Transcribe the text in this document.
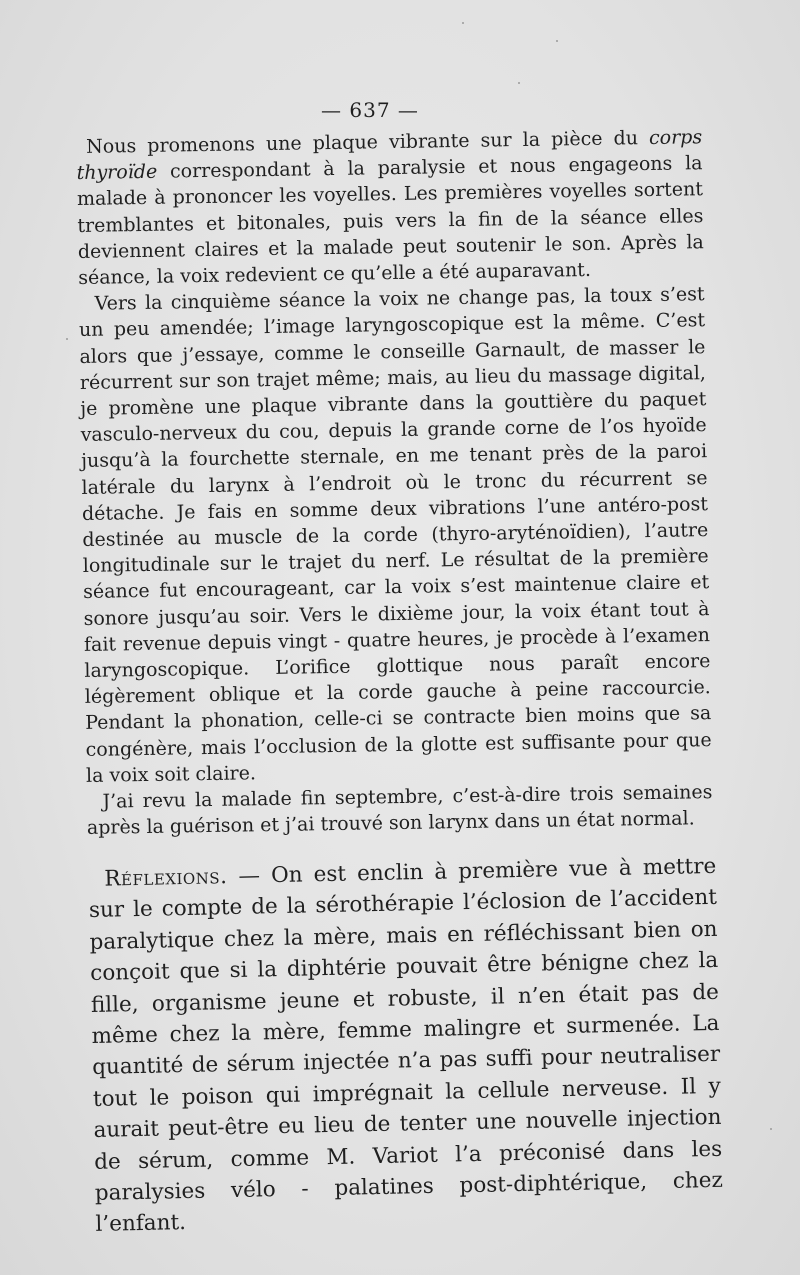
— 637 —

Nous promenons une plaque vibrante sur la pièce du corps thyroïde correspondant à la paralysie et nous engageons la malade à prononcer les voyelles. Les premières voyelles sortent tremblantes et bitonales, puis vers la fin de la séance elles deviennent claires et la malade peut soutenir le son. Après la séance, la voix redevient ce qu’elle a été auparavant.

Vers la cinquième séance la voix ne change pas, la toux s’est un peu amendée; l’image laryngoscopique est la même. C’est alors que j’essaye, comme le conseille Garnault, de masser le récurrent sur son trajet même; mais, au lieu du massage digital, je promène une plaque vibrante dans la gouttière du paquet vasculo-nerveux du cou, depuis la grande corne de l’os hyoïde jusqu’à la fourchette sternale, en me tenant près de la paroi latérale du larynx à l’endroit où le tronc du récurrent se détache. Je fais en somme deux vibrations l’une antéro-post destinée au muscle de la corde (thyro-aryténoïdien), l’autre longitudinale sur le trajet du nerf. Le résultat de la première séance fut encourageant, car la voix s’est maintenue claire et sonore jusqu’au soir. Vers le dixième jour, la voix étant tout à fait revenue depuis vingt - quatre heures, je procède à l’examen laryngoscopique. L’orifice glottique nous paraît encore légèrement oblique et la corde gauche à peine raccourcie. Pendant la phonation, celle-ci se contracte bien moins que sa congénère, mais l’occlusion de la glotte est suffisante pour que la voix soit claire.

J’ai revu la malade fin septembre, c’est-à-dire trois semaines après la guérison et j’ai trouvé son larynx dans un état normal.

Réflexions. — On est enclin à première vue à mettre sur le compte de la sérothérapie l’éclosion de l’accident paralytique chez la mère, mais en réfléchissant bien on conçoit que si la diphtérie pouvait être bénigne chez la fille, organisme jeune et robuste, il n’en était pas de même chez la mère, femme malingre et surmenée. La quantité de sérum injectée n’a pas suffi pour neutraliser tout le poison qui imprégnait la cellule nerveuse. Il y aurait peut-être eu lieu de tenter une nouvelle injection de sérum, comme M. Variot l’a préconisé dans les paralysies vélo - palatines post-diphtérique, chez l’enfant.
